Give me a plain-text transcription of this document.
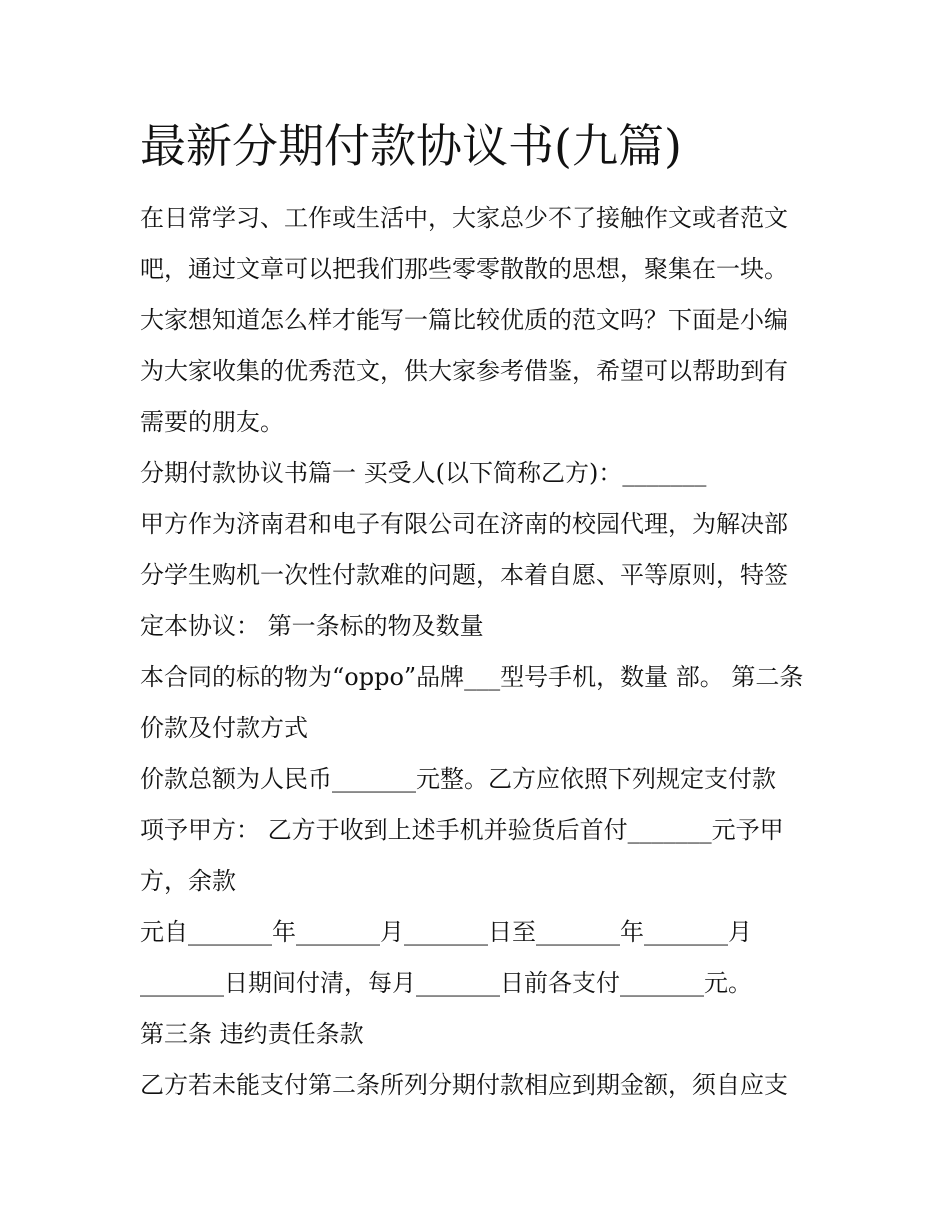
最新分期付款协议书(九篇)

在日常学习、工作或生活中，大家总少不了接触作文或者范文

吧，通过文章可以把我们那些零零散散的思想，聚集在一块。

大家想知道怎么样才能写一篇比较优质的范文吗？下面是小编

为大家收集的优秀范文，供大家参考借鉴，希望可以帮助到有

需要的朋友。

分期付款协议书篇一 买受人(以下简称乙方)：_______

甲方作为济南君和电子有限公司在济南的校园代理，为解决部

分学生购机一次性付款难的问题，本着自愿、平等原则，特签

定本协议： 第一条标的物及数量

本合同的标的物为“oppo”品牌___型号手机，数量 部。 第二条

价款及付款方式

价款总额为人民币_______元整。乙方应依照下列规定支付款

项予甲方： 乙方于收到上述手机并验货后首付_______元予甲

方，余款

元自_______年_______月_______日至_______年_______月

_______日期间付清，每月_______日前各支付_______元。

第三条 违约责任条款

乙方若未能支付第二条所列分期付款相应到期金额，须自应支
